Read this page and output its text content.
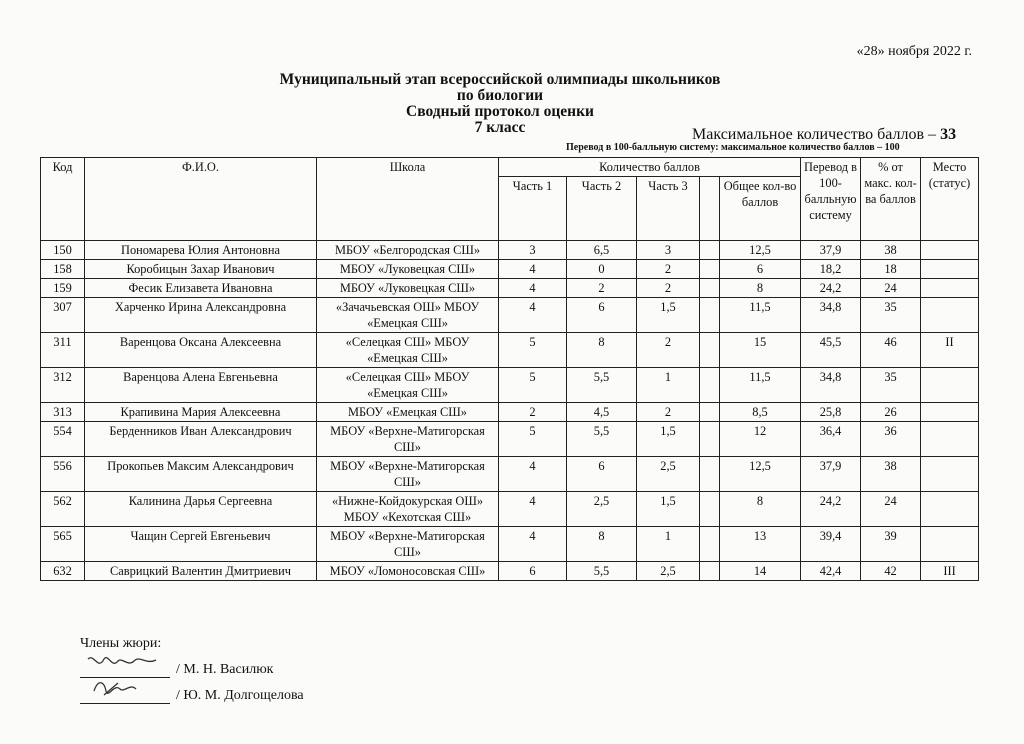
«28» ноября 2022 г.
Муниципальный этап всероссийской олимпиады школьников
по биологии
Сводный протокол оценки
7 класс	Максимальное количество баллов – 33
Перевод в 100-балльную систему: максимальное количество баллов – 100
Код	Ф.И.О.	Школа	Количество баллов					Перевод в 100-балльную систему	% от макс. кол-ва баллов	Место (статус)
			Часть 1	Часть 2	Часть 3		Общее кол-во баллов			
150	Пономарева Юлия Антоновна	МБОУ «Белгородская СШ»	3	6,5	3		12,5	37,9	38	
158	Коробицын Захар Иванович	МБОУ «Луковецкая СШ»	4	0	2		6	18,2	18	
159	Фесик Елизавета Ивановна	МБОУ «Луковецкая СШ»	4	2	2		8	24,2	24	
307	Харченко Ирина Александровна	«Зачачьевская ОШ» МБОУ «Емецкая СШ»	4	6	1,5		11,5	34,8	35	
311	Варенцова Оксана Алексеевна	«Селецкая СШ» МБОУ «Емецкая СШ»	5	8	2		15	45,5	46	II
312	Варенцова Алена Евгеньевна	«Селецкая СШ» МБОУ «Емецкая СШ»	5	5,5	1		11,5	34,8	35	
313	Крапивина Мария Алексеевна	МБОУ «Емецкая СШ»	2	4,5	2		8,5	25,8	26	
554	Берденников Иван Александрович	МБОУ «Верхне-Матигорская СШ»	5	5,5	1,5		12	36,4	36	
556	Прокопьев Максим Александрович	МБОУ «Верхне-Матигорская СШ»	4	6	2,5		12,5	37,9	38	
562	Калинина Дарья Сергеевна	«Нижне-Койдокурская ОШ» МБОУ «Кехотская СШ»	4	2,5	1,5		8	24,2	24	
565	Чащин Сергей Евгеньевич	МБОУ «Верхне-Матигорская СШ»	4	8	1		13	39,4	39	
632	Саврицкий Валентин Дмитриевич	МБОУ «Ломоносовская СШ»	6	5,5	2,5		14	42,4	42	III
Члены жюри:
/ М. Н. Василюк
/ Ю. М. Долгощелова
